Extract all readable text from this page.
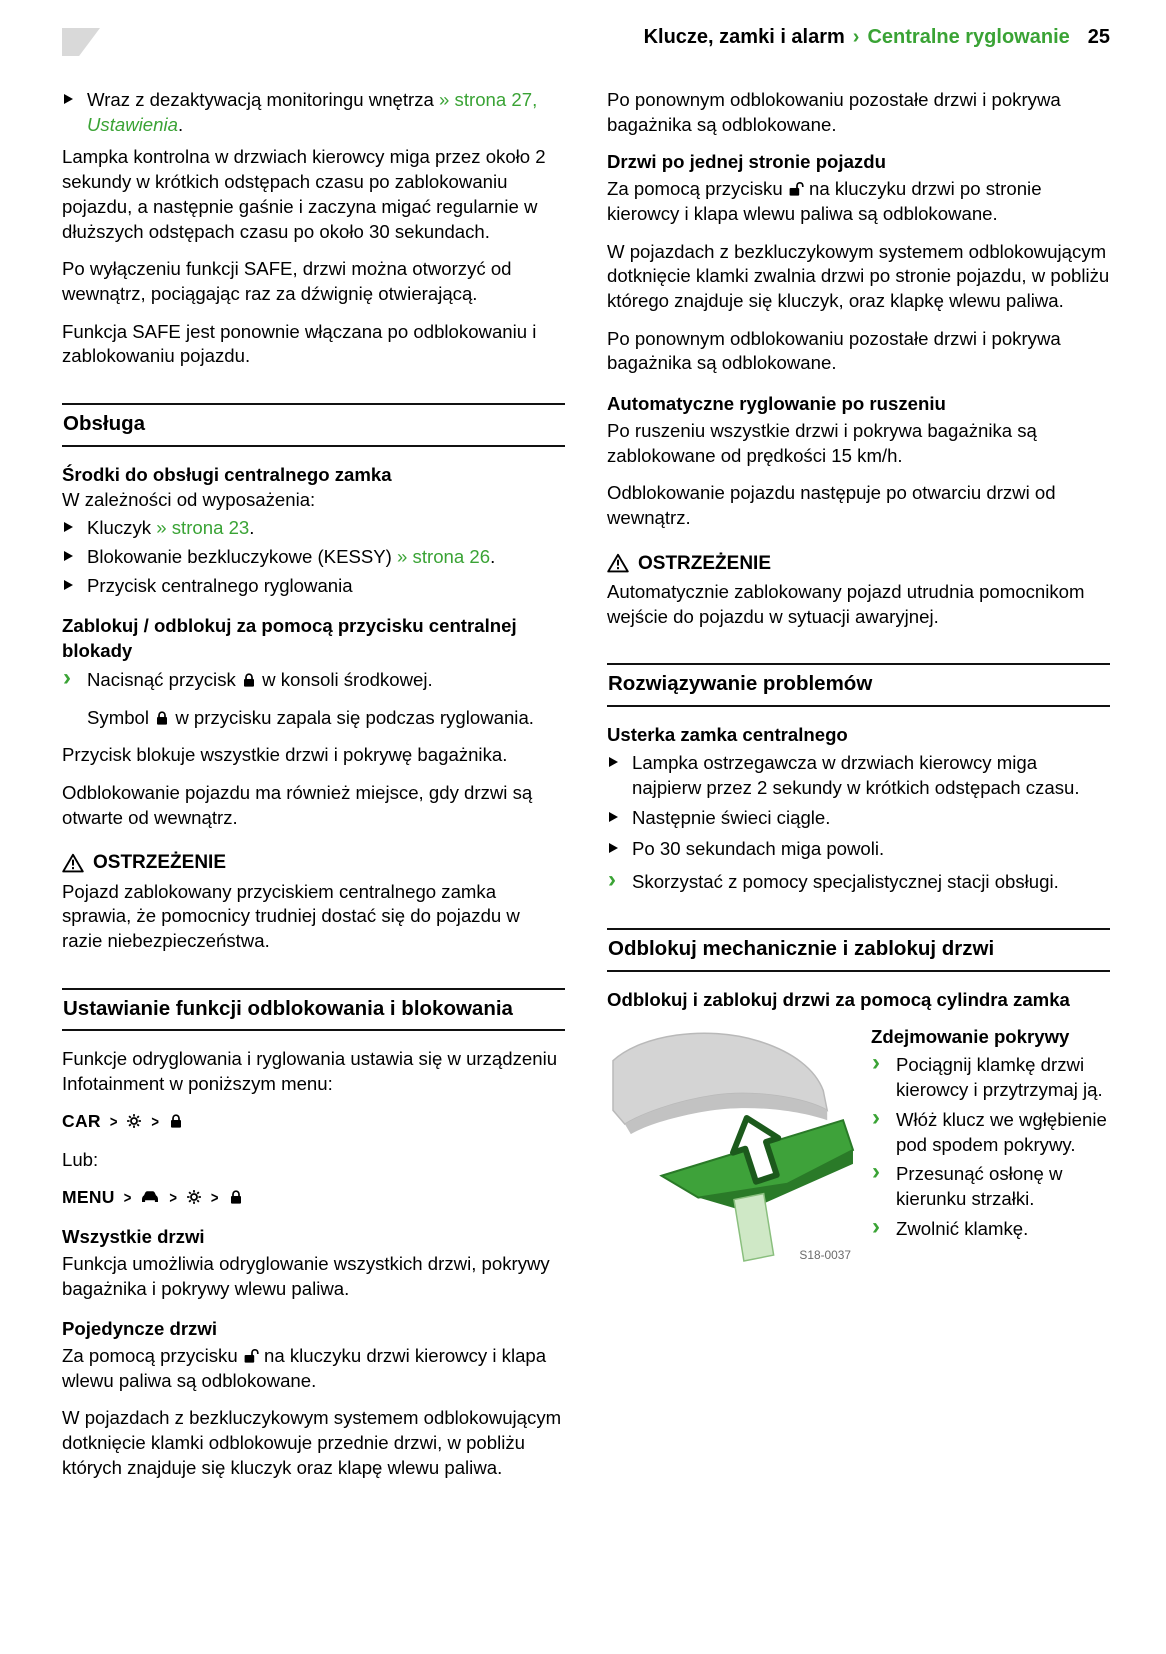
Klucze, zamki i alarm › Centralne ryglowanie 25
Wraz z dezaktywacją monitoringu wnętrza » strona 27, Ustawienia.

Lampka kontrolna w drzwiach kierowcy miga przez około 2 sekundy w krótkich odstępach czasu po zablokowaniu pojazdu, a następnie gaśnie i zaczyna migać regularnie w dłuższych odstępach czasu po około 30 sekundach.

Po wyłączeniu funkcji SAFE, drzwi można otworzyć od wewnątrz, pociągając raz za dźwignię otwierającą.

Funkcja SAFE jest ponownie włączana po odblokowaniu i zablokowaniu pojazdu.

Obsługa

Środki do obsługi centralnego zamka

W zależności od wyposażenia:

Kluczyk » strona 23.
Blokowanie bezkluczykowe (KESSY) » strona 26.
Przycisk centralnego ryglowania

Zablokuj / odblokuj za pomocą przycisku centralnej blokady

› Nacisnąć przycisk  w konsoli środkowej.

Symbol  w przycisku zapala się podczas ryglowania.

Przycisk blokuje wszystkie drzwi i pokrywę bagażnika.

Odblokowanie pojazdu ma również miejsce, gdy drzwi są otwarte od wewnątrz.

OSTRZEŻENIE

Pojazd zablokowany przyciskiem centralnego zamka sprawia, że pomocnicy trudniej dostać się do pojazdu w razie niebezpieczeństwa.

Ustawianie funkcji odblokowania i blokowania

Funkcje odryglowania i ryglowania ustawia się w urządzeniu Infotainment w poniższym menu:

CAR >	>

Lub:

MENU >	>	>

Wszystkie drzwi

Funkcja umożliwia odryglowanie wszystkich drzwi, pokrywy bagażnika i pokrywy wlewu paliwa.

Pojedyncze drzwi

Za pomocą przycisku  na kluczyku drzwi kierowcy i klapa wlewu paliwa są odblokowane.

W pojazdach z bezkluczykowym systemem odblokowującym dotknięcie klamki odblokowuje przednie drzwi, w pobliżu których znajduje się kluczyk oraz klapę wlewu paliwa.

Po ponownym odblokowaniu pozostałe drzwi i pokrywa bagażnika są odblokowane.

Drzwi po jednej stronie pojazdu

Za pomocą przycisku  na kluczyku drzwi po stronie kierowcy i klapa wlewu paliwa są odblokowane.

W pojazdach z bezkluczykowym systemem odblokowującym dotknięcie klamki zwalnia drzwi po stronie pojazdu, w pobliżu którego znajduje się kluczyk, oraz klapkę wlewu paliwa.

Po ponownym odblokowaniu pozostałe drzwi i pokrywa bagażnika są odblokowane.

Automatyczne ryglowanie po ruszeniu

Po ruszeniu wszystkie drzwi i pokrywa bagażnika są zablokowane od prędkości 15 km/h.

Odblokowanie pojazdu następuje po otwarciu drzwi od wewnątrz.

OSTRZEŻENIE

Automatycznie zablokowany pojazd utrudnia pomocnikom wejście do pojazdu w sytuacji awaryjnej.

Rozwiązywanie problemów

Usterka zamka centralnego

Lampka ostrzegawcza w drzwiach kierowcy miga najpierw przez 2 sekundy w krótkich odstępach czasu.
Następnie świeci ciągle.
Po 30 sekundach miga powoli.
› Skorzystać z pomocy specjalistycznej stacji obsługi.
Odblokuj mechanicznie i zablokuj drzwi

Odblokuj i zablokuj drzwi za pomocą cylindra zamka

S18-0037

Zdejmowanie pokrywy

› Pociągnij klamkę drzwi kierowcy i przytrzymaj ją.
› Włóż klucz we wgłębienie pod spodem pokrywy.
› Przesunąć osłonę w kierunku strzałki.
› Zwolnić klamkę.
